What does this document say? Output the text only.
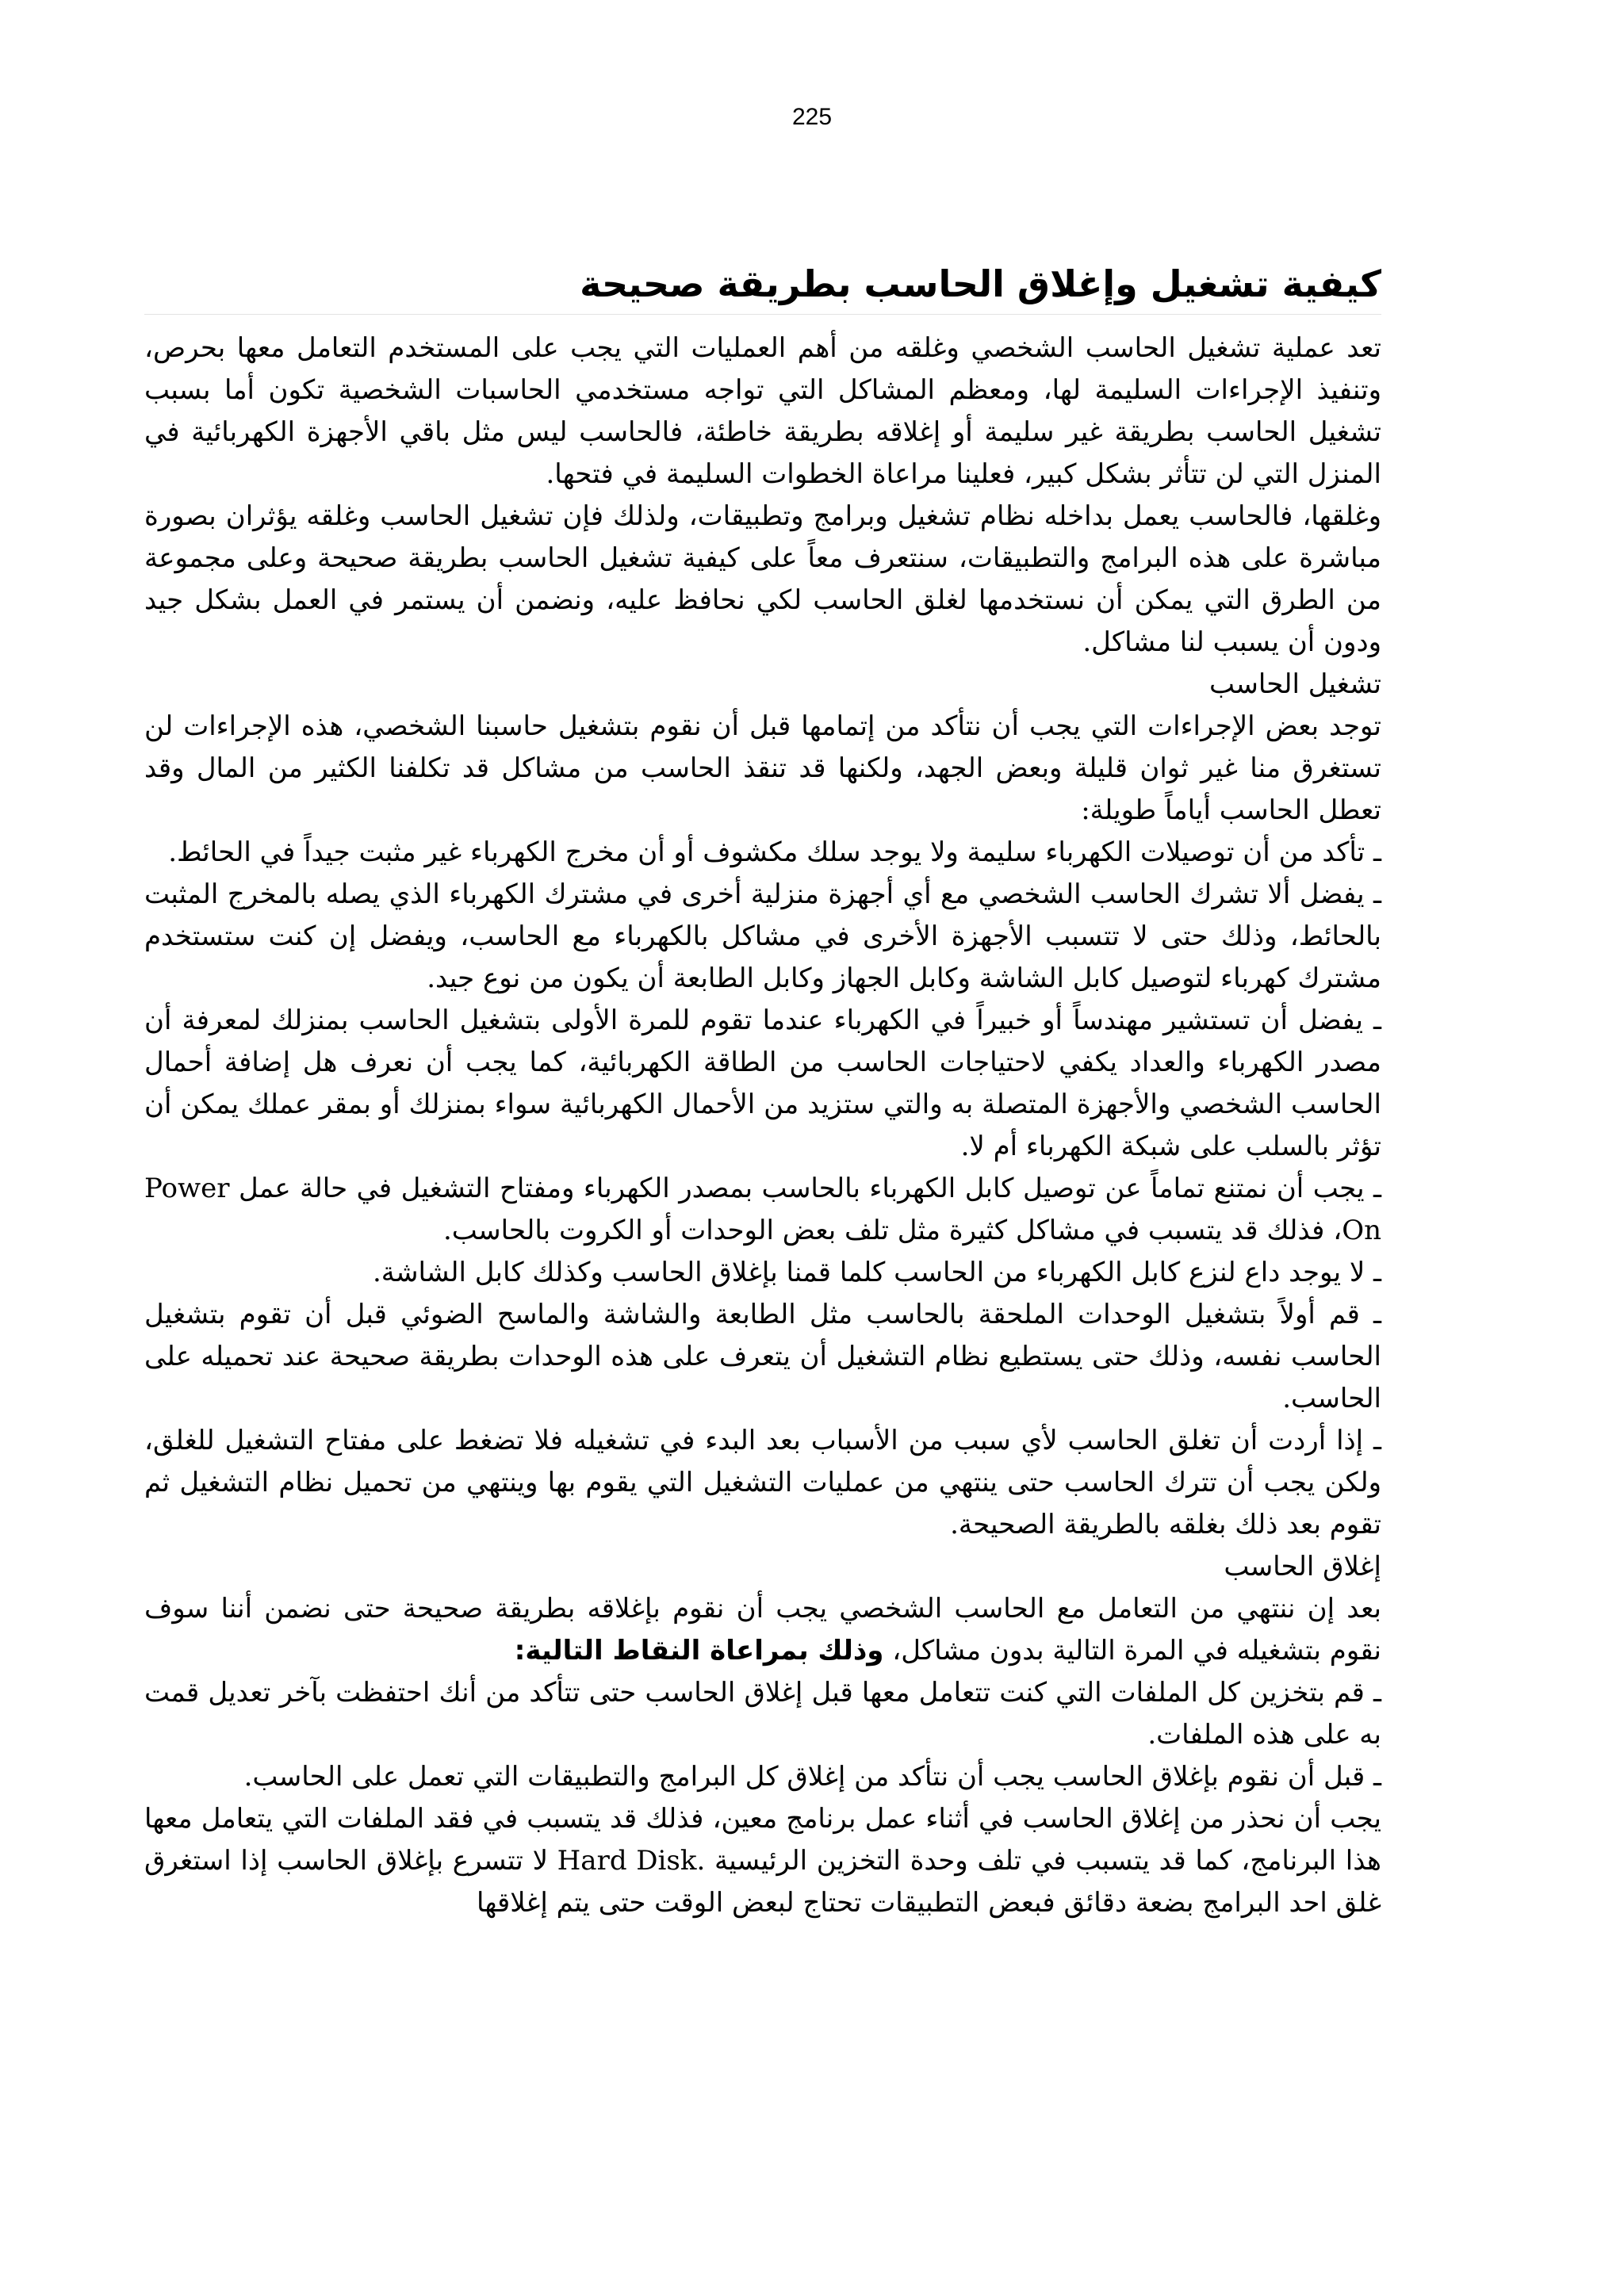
225
كيفية تشغيل وإغلاق الحاسب بطريقة صحيحة

تعد عملية تشغيل الحاسب الشخصي وغلقه من أهم العمليات التي يجب على المستخدم التعامل معها بحرص، وتنفيذ الإجراءات السليمة لها، ومعظم المشاكل التي تواجه مستخدمي الحاسبات الشخصية تكون أما بسبب تشغيل الحاسب بطريقة غير سليمة أو إغلاقه بطريقة خاطئة، فالحاسب ليس مثل باقي الأجهزة الكهربائية في المنزل التي لن تتأثر بشكل كبير، فعلينا مراعاة الخطوات السليمة في فتحها.

وغلقها، فالحاسب يعمل بداخله نظام تشغيل وبرامج وتطبيقات، ولذلك فإن تشغيل الحاسب وغلقه يؤثران بصورة مباشرة على هذه البرامج والتطبيقات، سنتعرف معاً على كيفية تشغيل الحاسب بطريقة صحيحة وعلى مجموعة من الطرق التي يمكن أن نستخدمها لغلق الحاسب لكي نحافظ عليه، ونضمن أن يستمر في العمل بشكل جيد ودون أن يسبب لنا مشاكل.

تشغيل الحاسب

توجد بعض الإجراءات التي يجب أن نتأكد من إتمامها قبل أن نقوم بتشغيل حاسبنا الشخصي، هذه الإجراءات لن تستغرق منا غير ثوان قليلة وبعض الجهد، ولكنها قد تنقذ الحاسب من مشاكل قد تكلفنا الكثير من المال وقد تعطل الحاسب أياماً طويلة:

ـ تأكد من أن توصيلات الكهرباء سليمة ولا يوجد سلك مكشوف أو أن مخرج الكهرباء غير مثبت جيداً في الحائط.

ـ يفضل ألا تشرك الحاسب الشخصي مع أي أجهزة منزلية أخرى في مشترك الكهرباء الذي يصله بالمخرج المثبت بالحائط، وذلك حتى لا تتسبب الأجهزة الأخرى في مشاكل بالكهرباء مع الحاسب، ويفضل إن كنت ستستخدم مشترك كهرباء لتوصيل كابل الشاشة وكابل الجهاز وكابل الطابعة أن يكون من نوع جيد.

ـ يفضل أن تستشير مهندساً أو خبيراً في الكهرباء عندما تقوم للمرة الأولى بتشغيل الحاسب بمنزلك لمعرفة أن مصدر الكهرباء والعداد يكفي لاحتياجات الحاسب من الطاقة الكهربائية، كما يجب أن نعرف هل إضافة أحمال الحاسب الشخصي والأجهزة المتصلة به والتي ستزيد من الأحمال الكهربائية سواء بمنزلك أو بمقر عملك يمكن أن تؤثر بالسلب على شبكة الكهرباء أم لا.

ـ يجب أن نمتنع تماماً عن توصيل كابل الكهرباء بالحاسب بمصدر الكهرباء ومفتاح التشغيل في حالة عمل Power On، فذلك قد يتسبب في مشاكل كثيرة مثل تلف بعض الوحدات أو الكروت بالحاسب.

ـ لا يوجد داع لنزع كابل الكهرباء من الحاسب كلما قمنا بإغلاق الحاسب وكذلك كابل الشاشة.

ـ قم أولاً بتشغيل الوحدات الملحقة بالحاسب مثل الطابعة والشاشة والماسح الضوئي قبل أن تقوم بتشغيل الحاسب نفسه، وذلك حتى يستطيع نظام التشغيل أن يتعرف على هذه الوحدات بطريقة صحيحة عند تحميله على الحاسب.

ـ إذا أردت أن تغلق الحاسب لأي سبب من الأسباب بعد البدء في تشغيله فلا تضغط على مفتاح التشغيل للغلق، ولكن يجب أن تترك الحاسب حتى ينتهي من عمليات التشغيل التي يقوم بها وينتهي من تحميل نظام التشغيل ثم تقوم بعد ذلك بغلقه بالطريقة الصحيحة.

إغلاق الحاسب

بعد إن ننتهي من التعامل مع الحاسب الشخصي يجب أن نقوم بإغلاقه بطريقة صحيحة حتى نضمن أننا سوف نقوم بتشغيله في المرة التالية بدون مشاكل، وذلك بمراعاة النقاط التالية:

ـ قم بتخزين كل الملفات التي كنت تتعامل معها قبل إغلاق الحاسب حتى تتأكد من أنك احتفظت بآخر تعديل قمت به على هذه الملفات.

ـ قبل أن نقوم بإغلاق الحاسب يجب أن نتأكد من إغلاق كل البرامج والتطبيقات التي تعمل على الحاسب.

يجب أن نحذر من إغلاق الحاسب في أثناء عمل برنامج معين، فذلك قد يتسبب في فقد الملفات التي يتعامل معها هذا البرنامج، كما قد يتسبب في تلف وحدة التخزين الرئيسية .Hard Disk لا تتسرع بإغلاق الحاسب إذا استغرق غلق احد البرامج بضعة دقائق فبعض التطبيقات تحتاج لبعض الوقت حتى يتم إغلاقها
